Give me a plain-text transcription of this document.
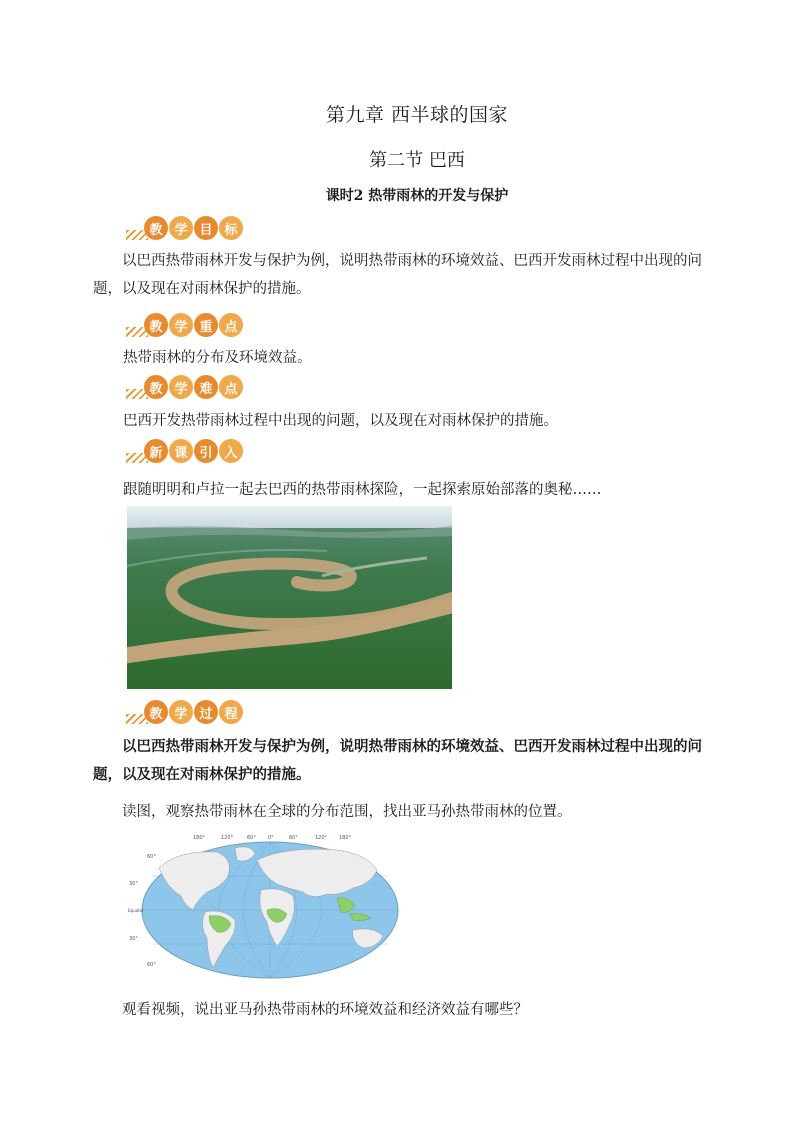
第九章 西半球的国家
第二节 巴西
课时2 热带雨林的开发与保护
教 学 目 标
以巴西热带雨林开发与保护为例，说明热带雨林的环境效益、巴西开发雨林过程中出现的问题，以及现在对雨林保护的措施。
教 学 重 点
热带雨林的分布及环境效益。
教 学 难 点
巴西开发热带雨林过程中出现的问题，以及现在对雨林保护的措施。
新 课 引 入
跟随明明和卢拉一起去巴西的热带雨林探险，一起探索原始部落的奥秘……
教 学 过 程
以巴西热带雨林开发与保护为例，说明热带雨林的环境效益、巴西开发雨林过程中出现的问题，以及现在对雨林保护的措施。
读图，观察热带雨林在全球的分布范围，找出亚马孙热带雨林的位置。
180°	120°	60° 0°	60°	120° 180°
60°
30°
Equator
30°
60°
观看视频，说出亚马孙热带雨林的环境效益和经济效益有哪些？
